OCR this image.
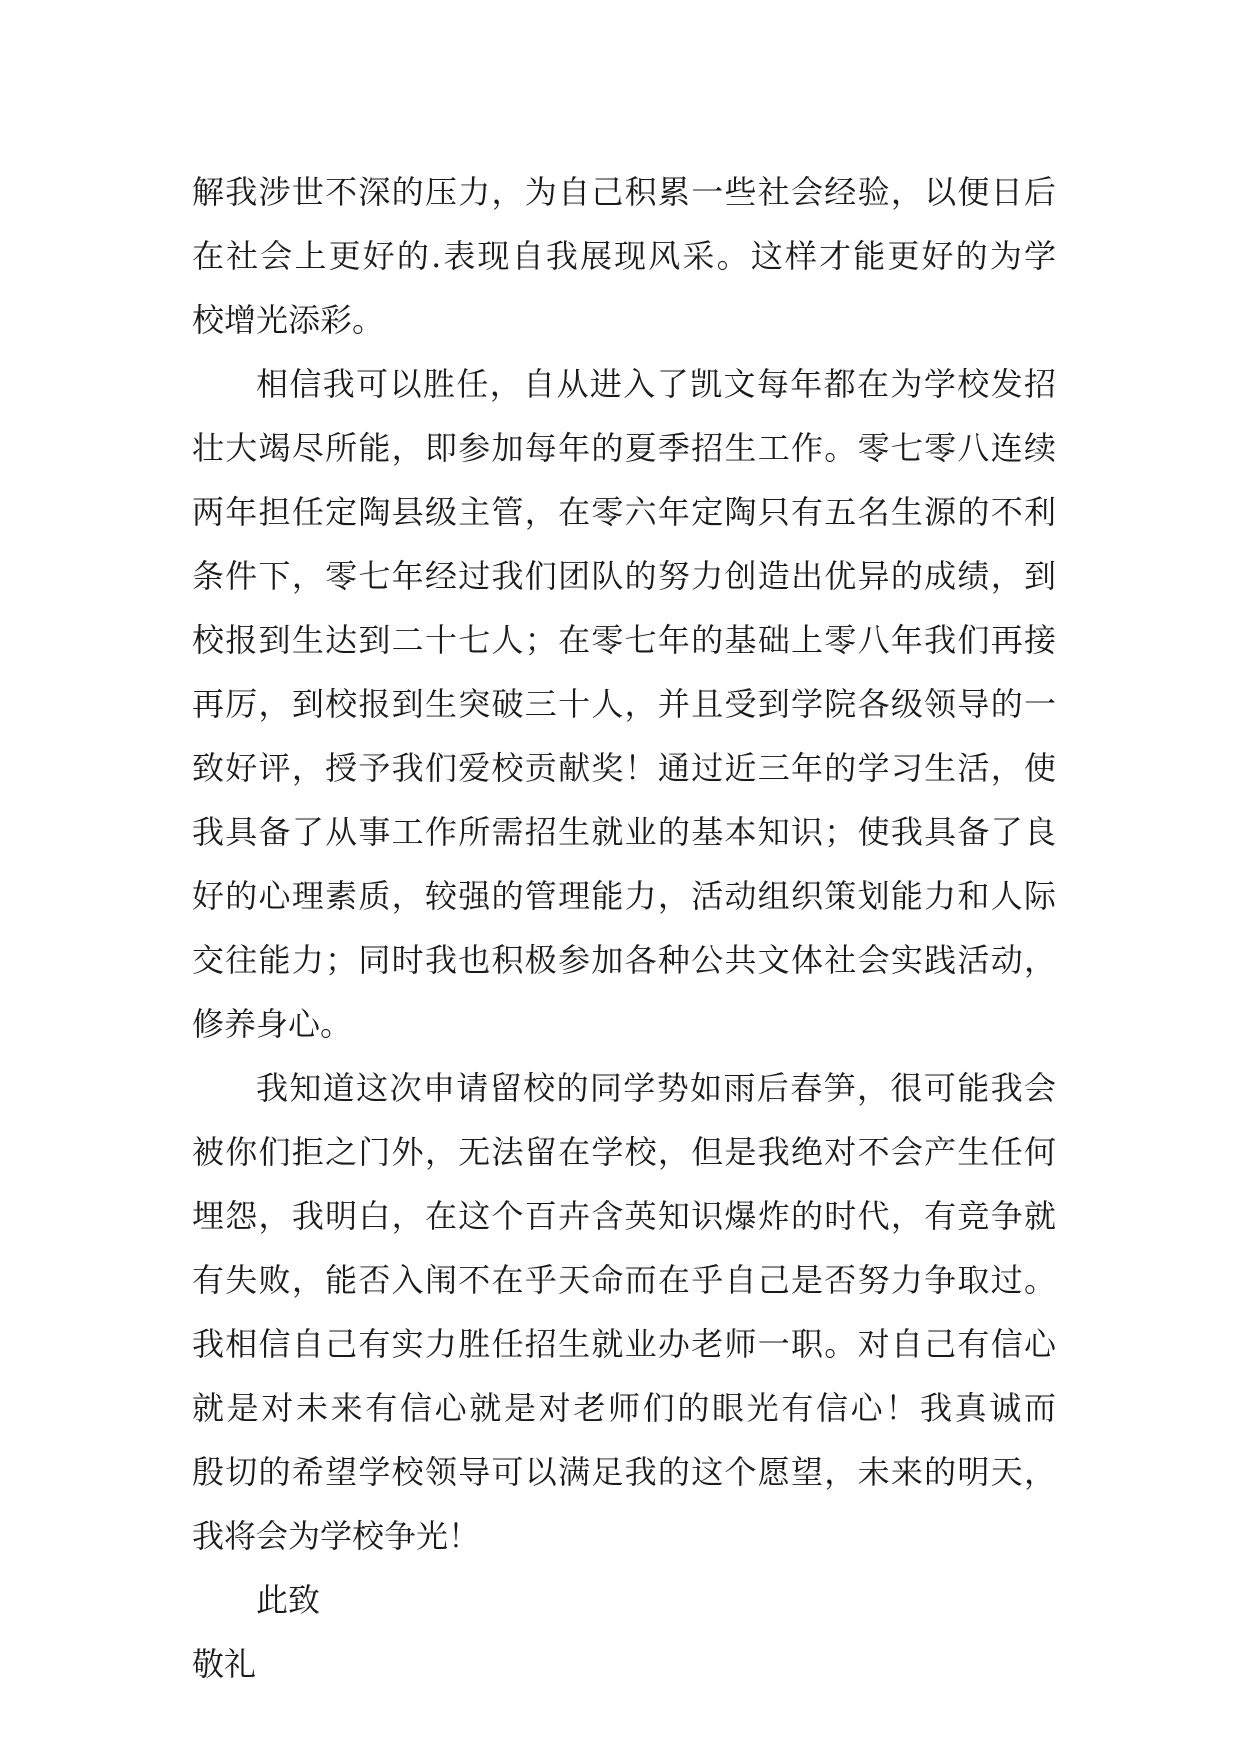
解我涉世不深的压力，为自己积累一些社会经验，以便日后
在社会上更好的.表现自我展现风采。这样才能更好的为学
校增光添彩。
相信我可以胜任，自从进入了凯文每年都在为学校发招
壮大竭尽所能，即参加每年的夏季招生工作。零七零八连续
两年担任定陶县级主管，在零六年定陶只有五名生源的不利
条件下，零七年经过我们团队的努力创造出优异的成绩，到
校报到生达到二十七人；在零七年的基础上零八年我们再接
再厉，到校报到生突破三十人，并且受到学院各级领导的一
致好评，授予我们爱校贡献奖！通过近三年的学习生活，使
我具备了从事工作所需招生就业的基本知识；使我具备了良
好的心理素质，较强的管理能力，活动组织策划能力和人际
交往能力；同时我也积极参加各种公共文体社会实践活动，
修养身心。
我知道这次申请留校的同学势如雨后春笋，很可能我会
被你们拒之门外，无法留在学校，但是我绝对不会产生任何
埋怨，我明白，在这个百卉含英知识爆炸的时代，有竞争就
有失败，能否入闱不在乎天命而在乎自己是否努力争取过。
我相信自己有实力胜任招生就业办老师一职。对自己有信心
就是对未来有信心就是对老师们的眼光有信心！我真诚而
殷切的希望学校领导可以满足我的这个愿望，未来的明天，
我将会为学校争光！
此致
敬礼
